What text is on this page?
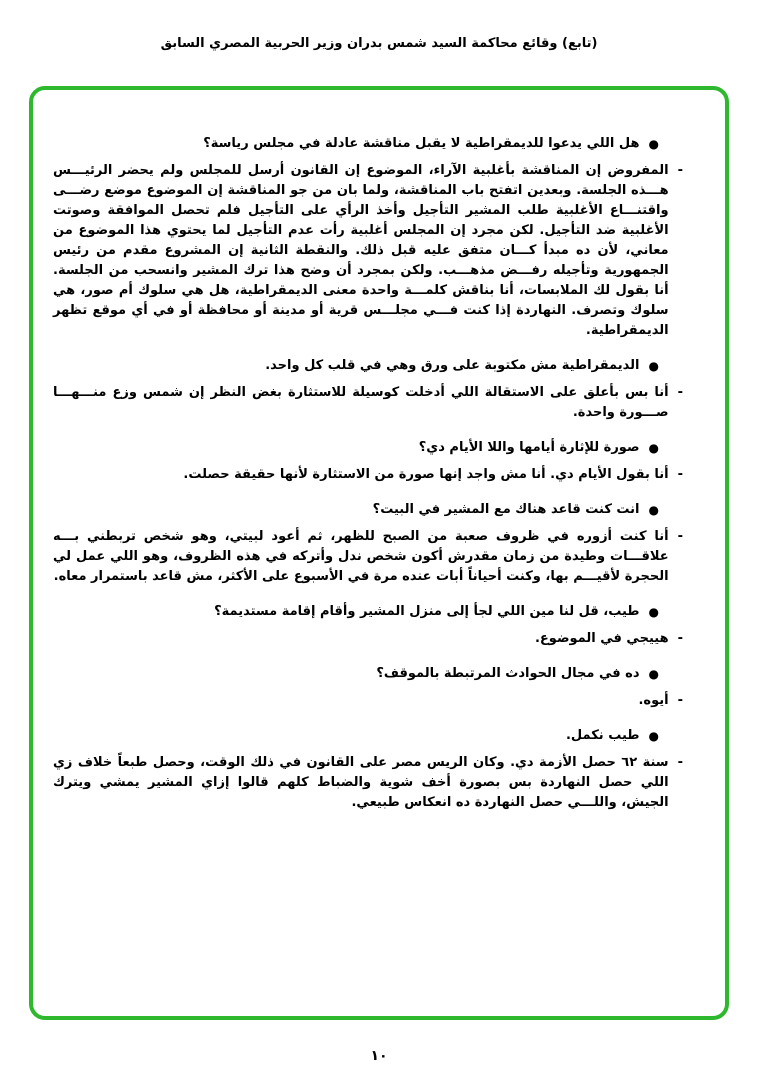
(تابع) وقائع محاكمة السيد شمس بدران وزير الحربية المصري السابق
●
هل اللي يدعوا للديمقراطية لا يقبل مناقشة عادلة في مجلس رياسة؟
-
المفروض إن المناقشة بأغلبية الآراء، الموضوع إن القانون أرسل للمجلس ولم يحضر الرئيـــس هـــذه الجلسة. وبعدين اتفتح باب المناقشة، ولما بان من جو المناقشة إن الموضوع موضع رضـــى واقتنـــاع الأغلبية طلب المشير التأجيل وأخذ الرأي على التأجيل فلم تحصل الموافقة وصوتت الأغلبية ضد التأجيل. لكن مجرد إن المجلس أغلبية رأت عدم التأجيل لما يحتوي هذا الموضوع من معاني، لأن ده مبدأ كـــان متفق عليه قبل ذلك. والنقطة الثانية إن المشروع مقدم من رئيس الجمهورية وتأجيله رفـــض مذهـــب. ولكن بمجرد أن وضح هذا ترك المشير وانسحب من الجلسة. أنا بقول لك الملابسات، أنا بناقش كلمـــة واحدة معنى الديمقراطية، هل هي سلوك أم صور، هي سلوك وتصرف. النهاردة إذا كنت فـــي مجلـــس قرية أو مدينة أو محافظة أو في أي موقع تظهر الديمقراطية.
●
الديمقراطية مش مكتوبة على ورق وهي في قلب كل واحد.
-
أنا بس بأعلق على الاستقالة اللي أدخلت كوسيلة للاستثارة بغض النظر إن شمس وزع منـــهـــا صـــورة واحدة.
●
صورة للإثارة أيامها واللا الأيام دي؟
-
أنا بقول الأيام دي. أنا مش واجد إنها صورة من الاستثارة لأنها حقيقة حصلت.
●
انت كنت قاعد هناك مع المشير في البيت؟
-
أنا كنت أزوره في ظروف صعبة من الصبح للظهر، ثم أعود لبيتي، وهو شخص تربطني بـــه علاقـــات وطيدة من زمان مقدرش أكون شخص ندل وأتركه في هذه الظروف، وهو اللي عمل لي الحجرة لأقيـــم بها، وكنت أحياناً أبات عنده مرة في الأسبوع على الأكثر، مش قاعد باستمرار معاه.
●
طيب، قل لنا مين اللي لجأ إلى منزل المشير وأقام إقامة مستديمة؟
-
هييجي في الموضوع.
●
ده في مجال الحوادث المرتبطة بالموقف؟
-
أيوه.
●
طيب نكمل.
-
سنة ٦٢ حصل الأزمة دي. وكان الريس مصر على القانون في ذلك الوقت، وحصل طبعاً خلاف زي اللي حصل النهاردة بس بصورة أخف شوية والضباط كلهم قالوا إزاي المشير يمشي ويترك الجيش، واللـــي حصل النهاردة ده انعكاس طبيعي.
١٠
